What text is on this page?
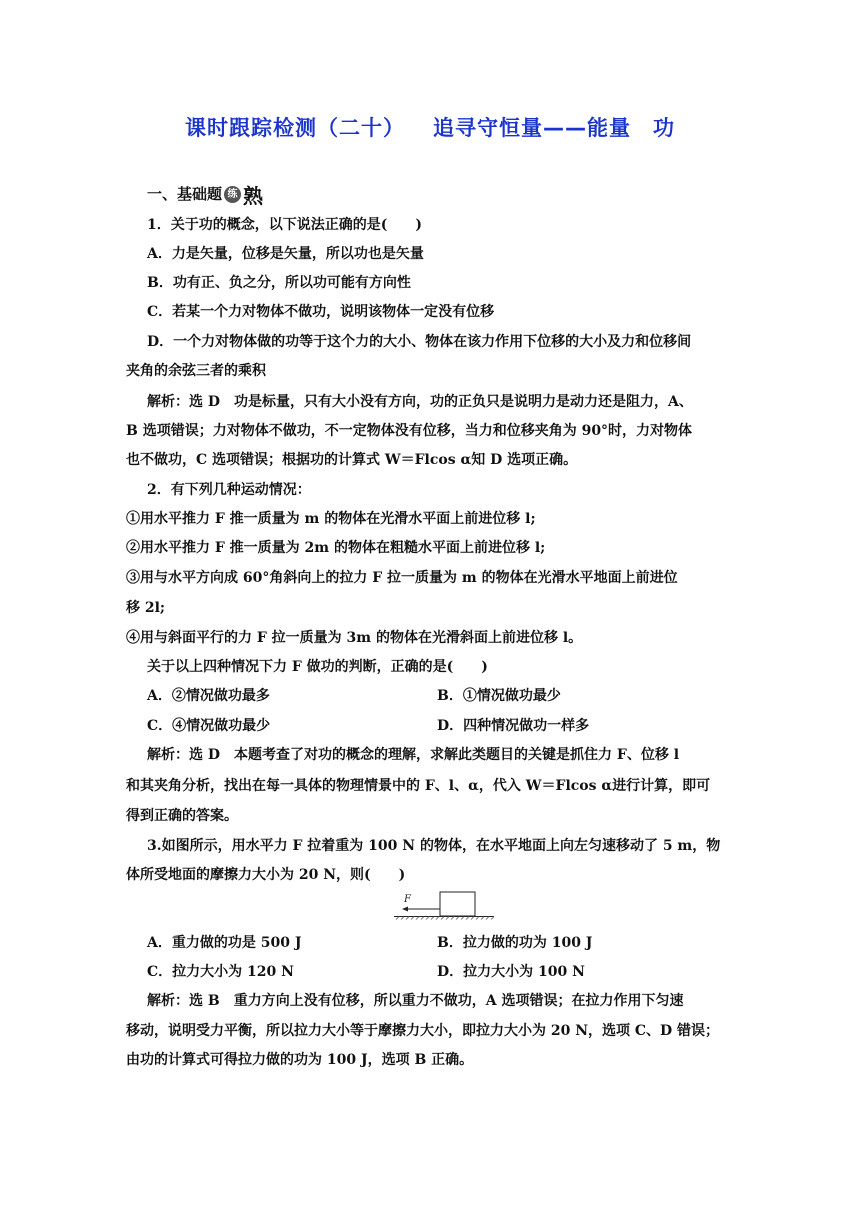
课时跟踪检测（二十） 追寻守恒量——能量　功
一、基础题 练 熟
1．关于功的概念，以下说法正确的是(　　)
A．力是矢量，位移是矢量，所以功也是矢量
B．功有正、负之分，所以功可能有方向性
C．若某一个力对物体不做功，说明该物体一定没有位移
D．一个力对物体做的功等于这个力的大小、物体在该力作用下位移的大小及力和位移间
夹角的余弦三者的乘积
解析：选 D　功是标量，只有大小没有方向，功的正负只是说明力是动力还是阻力，A、
B 选项错误；力对物体不做功，不一定物体没有位移，当力和位移夹角为 90°时，力对物体
也不做功，C 选项错误；根据功的计算式 W＝Flcos α知 D 选项正确。
2．有下列几种运动情况：
①用水平推力 F 推一质量为 m 的物体在光滑水平面上前进位移 l;
②用水平推力 F 推一质量为 2m 的物体在粗糙水平面上前进位移 l;
③用与水平方向成 60°角斜向上的拉力 F 拉一质量为 m 的物体在光滑水平地面上前进位
移 2l;
④用与斜面平行的力 F 拉一质量为 3m 的物体在光滑斜面上前进位移 l。
关于以上四种情况下力 F 做功的判断，正确的是(　　)
A．②情况做功最多	B．①情况做功最少
C．④情况做功最少	D．四种情况做功一样多
解析：选 D　本题考查了对功的概念的理解，求解此类题目的关键是抓住力 F、位移 l
和其夹角分析，找出在每一具体的物理情景中的 F、l、α，代入 W＝Flcos α进行计算，即可
得到正确的答案。
3.如图所示，用水平力 F 拉着重为 100 N 的物体，在水平地面上向左匀速移动了 5 m，物
体所受地面的摩擦力大小为 20 N，则(　　)
F
A．重力做的功是 500 J	B．拉力做的功为 100 J
C．拉力大小为 120 N	D．拉力大小为 100 N
解析：选 B　重力方向上没有位移，所以重力不做功，A 选项错误；在拉力作用下匀速
移动，说明受力平衡，所以拉力大小等于摩擦力大小，即拉力大小为 20 N，选项 C、D 错误；
由功的计算式可得拉力做的功为 100 J，选项 B 正确。
